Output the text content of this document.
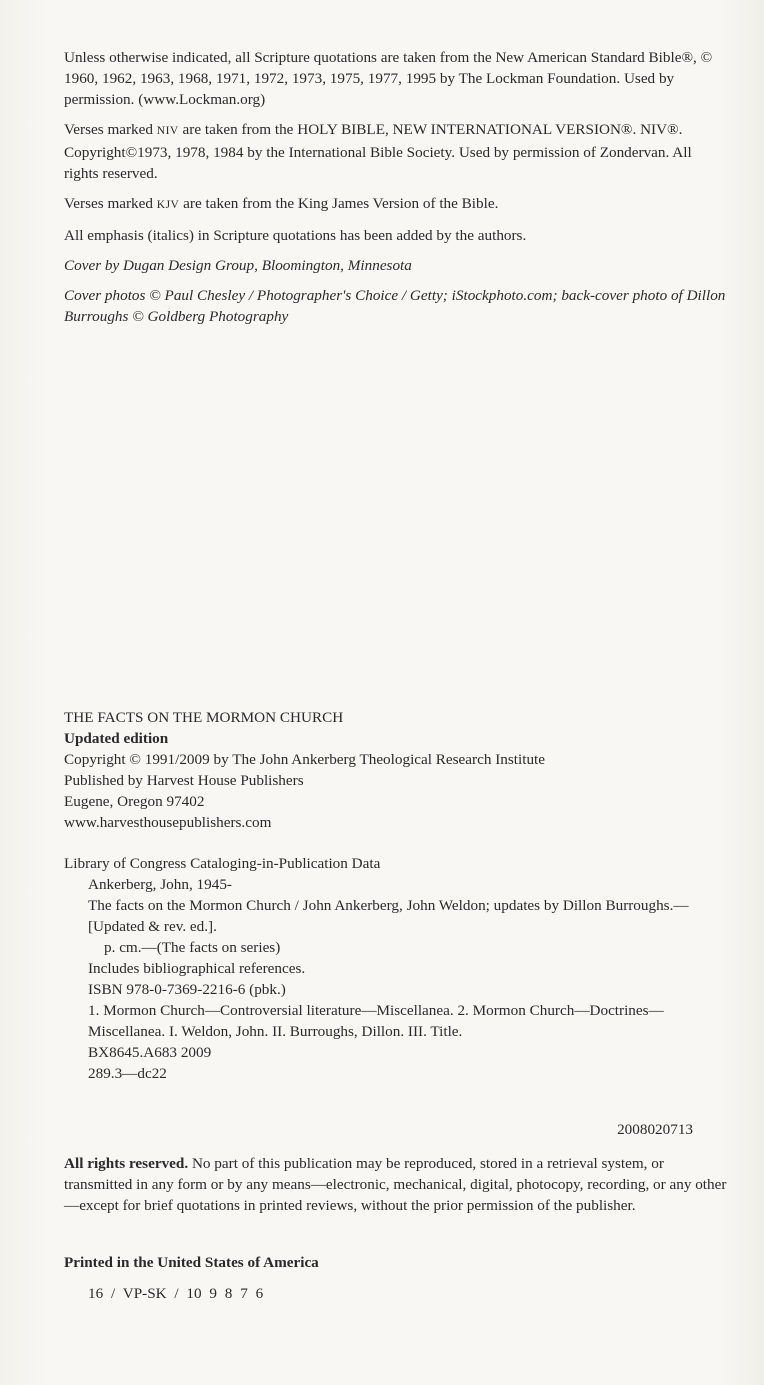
Unless otherwise indicated, all Scripture quotations are taken from the New American Standard Bible®, © 1960, 1962, 1963, 1968, 1971, 1972, 1973, 1975, 1977, 1995 by The Lockman Foundation. Used by permission. (www.Lockman.org)

Verses marked NIV are taken from the HOLY BIBLE, NEW INTERNATIONAL VERSION®. NIV®. Copyright©1973, 1978, 1984 by the International Bible Society. Used by permission of Zondervan. All rights reserved.

Verses marked KJV are taken from the King James Version of the Bible.

All emphasis (italics) in Scripture quotations has been added by the authors.

Cover by Dugan Design Group, Bloomington, Minnesota

Cover photos © Paul Chesley / Photographer's Choice / Getty; iStockphoto.com; back-cover photo of Dillon Burroughs © Goldberg Photography

THE FACTS ON THE MORMON CHURCH

Updated edition

Copyright © 1991/2009 by The John Ankerberg Theological Research Institute

Published by Harvest House Publishers

Eugene, Oregon 97402

www.harvesthousepublishers.com

Library of Congress Cataloging-in-Publication Data

Ankerberg, John, 1945-

The facts on the Mormon Church / John Ankerberg, John Weldon; updates by Dillon Burroughs.—[Updated & rev. ed.].

p. cm.—(The facts on series)

Includes bibliographical references.

ISBN 978-0-7369-2216-6 (pbk.)

1. Mormon Church—Controversial literature—Miscellanea. 2. Mormon Church—Doctrines—Miscellanea. I. Weldon, John. II. Burroughs, Dillon. III. Title.

BX8645.A683 2009

289.3—dc22

2008020713

All rights reserved. No part of this publication may be reproduced, stored in a retrieval system, or transmitted in any form or by any means—electronic, mechanical, digital, photocopy, recording, or any other—except for brief quotations in printed reviews, without the prior permission of the publisher.

Printed in the United States of America

16 / VP-SK / 10 9 8 7 6
